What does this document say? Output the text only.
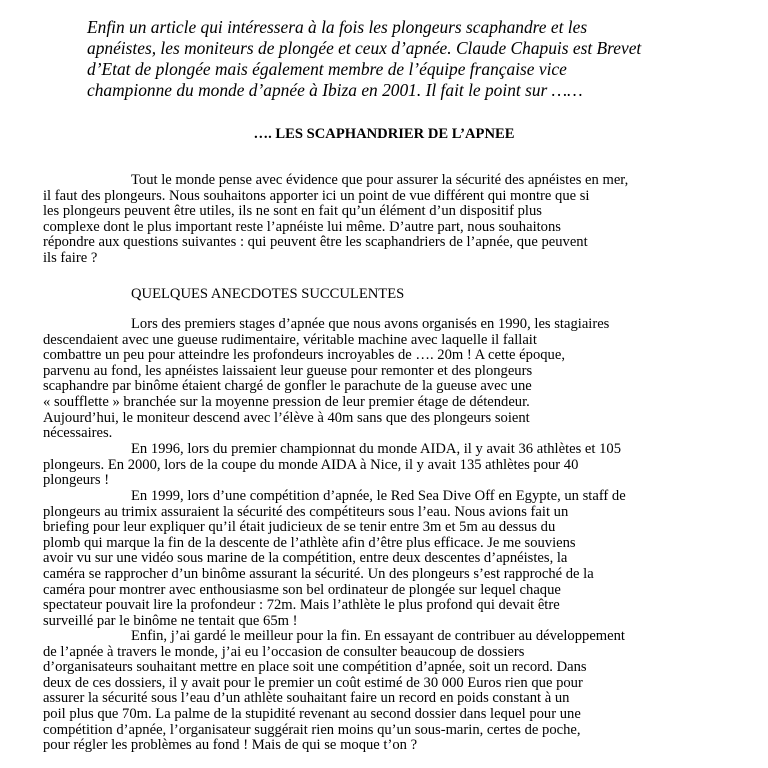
Enfin un article qui intéressera à la fois les plongeurs scaphandre et les
apnéistes, les moniteurs de plongée et ceux d’apnée. Claude Chapuis est Brevet
d’Etat de plongée mais également membre de l’équipe française vice
championne du monde d’apnée à Ibiza en 2001. Il fait le point sur ……
…. LES SCAPHANDRIER DE L’APNEE
Tout le monde pense avec évidence que pour assurer la sécurité des apnéistes en mer,
il faut des plongeurs. Nous souhaitons apporter ici un point de vue différent qui montre que si
les plongeurs peuvent être utiles, ils ne sont en fait qu’un élément d’un dispositif plus
complexe dont le plus important reste l’apnéiste lui même. D’autre part, nous souhaitons
répondre aux questions suivantes : qui peuvent être les scaphandriers de l’apnée, que peuvent
ils faire ?
QUELQUES ANECDOTES SUCCULENTES
Lors des premiers stages d’apnée que nous avons organisés en 1990, les stagiaires
descendaient avec une gueuse rudimentaire, véritable machine avec laquelle il fallait
combattre un peu pour atteindre les profondeurs incroyables de …. 20m ! A cette époque,
parvenu au fond, les apnéistes laissaient leur gueuse pour remonter et des plongeurs
scaphandre par binôme étaient chargé de gonfler le parachute de la gueuse avec une
« soufflette » branchée sur la moyenne pression de leur premier étage de détendeur.
Aujourd’hui, le moniteur descend avec l’élève à 40m sans que des plongeurs soient
nécessaires.
En 1996, lors du premier championnat du monde AIDA, il y avait 36 athlètes et 105
plongeurs. En 2000, lors de la coupe du monde AIDA à Nice, il y avait 135 athlètes pour 40
plongeurs !
En 1999, lors d’une compétition d’apnée, le Red Sea Dive Off en Egypte, un staff de
plongeurs au trimix assuraient la sécurité des compétiteurs sous l’eau. Nous avions fait un
briefing pour leur expliquer qu’il était judicieux de se tenir entre 3m et 5m au dessus du
plomb qui marque la fin de la descente de l’athlète afin d’être plus efficace. Je me souviens
avoir vu sur une vidéo sous marine de la compétition, entre deux descentes d’apnéistes, la
caméra se rapprocher d’un binôme assurant la sécurité. Un des plongeurs s’est rapproché de la
caméra pour montrer avec enthousiasme son bel ordinateur de plongée sur lequel chaque
spectateur pouvait lire la profondeur : 72m. Mais l’athlète le plus profond qui devait être
surveillé par le binôme ne tentait que 65m !
Enfin, j’ai gardé le meilleur pour la fin. En essayant de contribuer au développement
de l’apnée à travers le monde, j’ai eu l’occasion de consulter beaucoup de dossiers
d’organisateurs souhaitant mettre en place soit une compétition d’apnée, soit un record. Dans
deux de ces dossiers, il y avait pour le premier un coût estimé de 30 000 Euros rien que pour
assurer la sécurité sous l’eau d’un athlète souhaitant faire un record en poids constant à un
poil plus que 70m. La palme de la stupidité revenant au second dossier dans lequel pour une
compétition d’apnée, l’organisateur suggérait rien moins qu’un sous-marin, certes de poche,
pour régler les problèmes au fond ! Mais de qui se moque t’on ?
